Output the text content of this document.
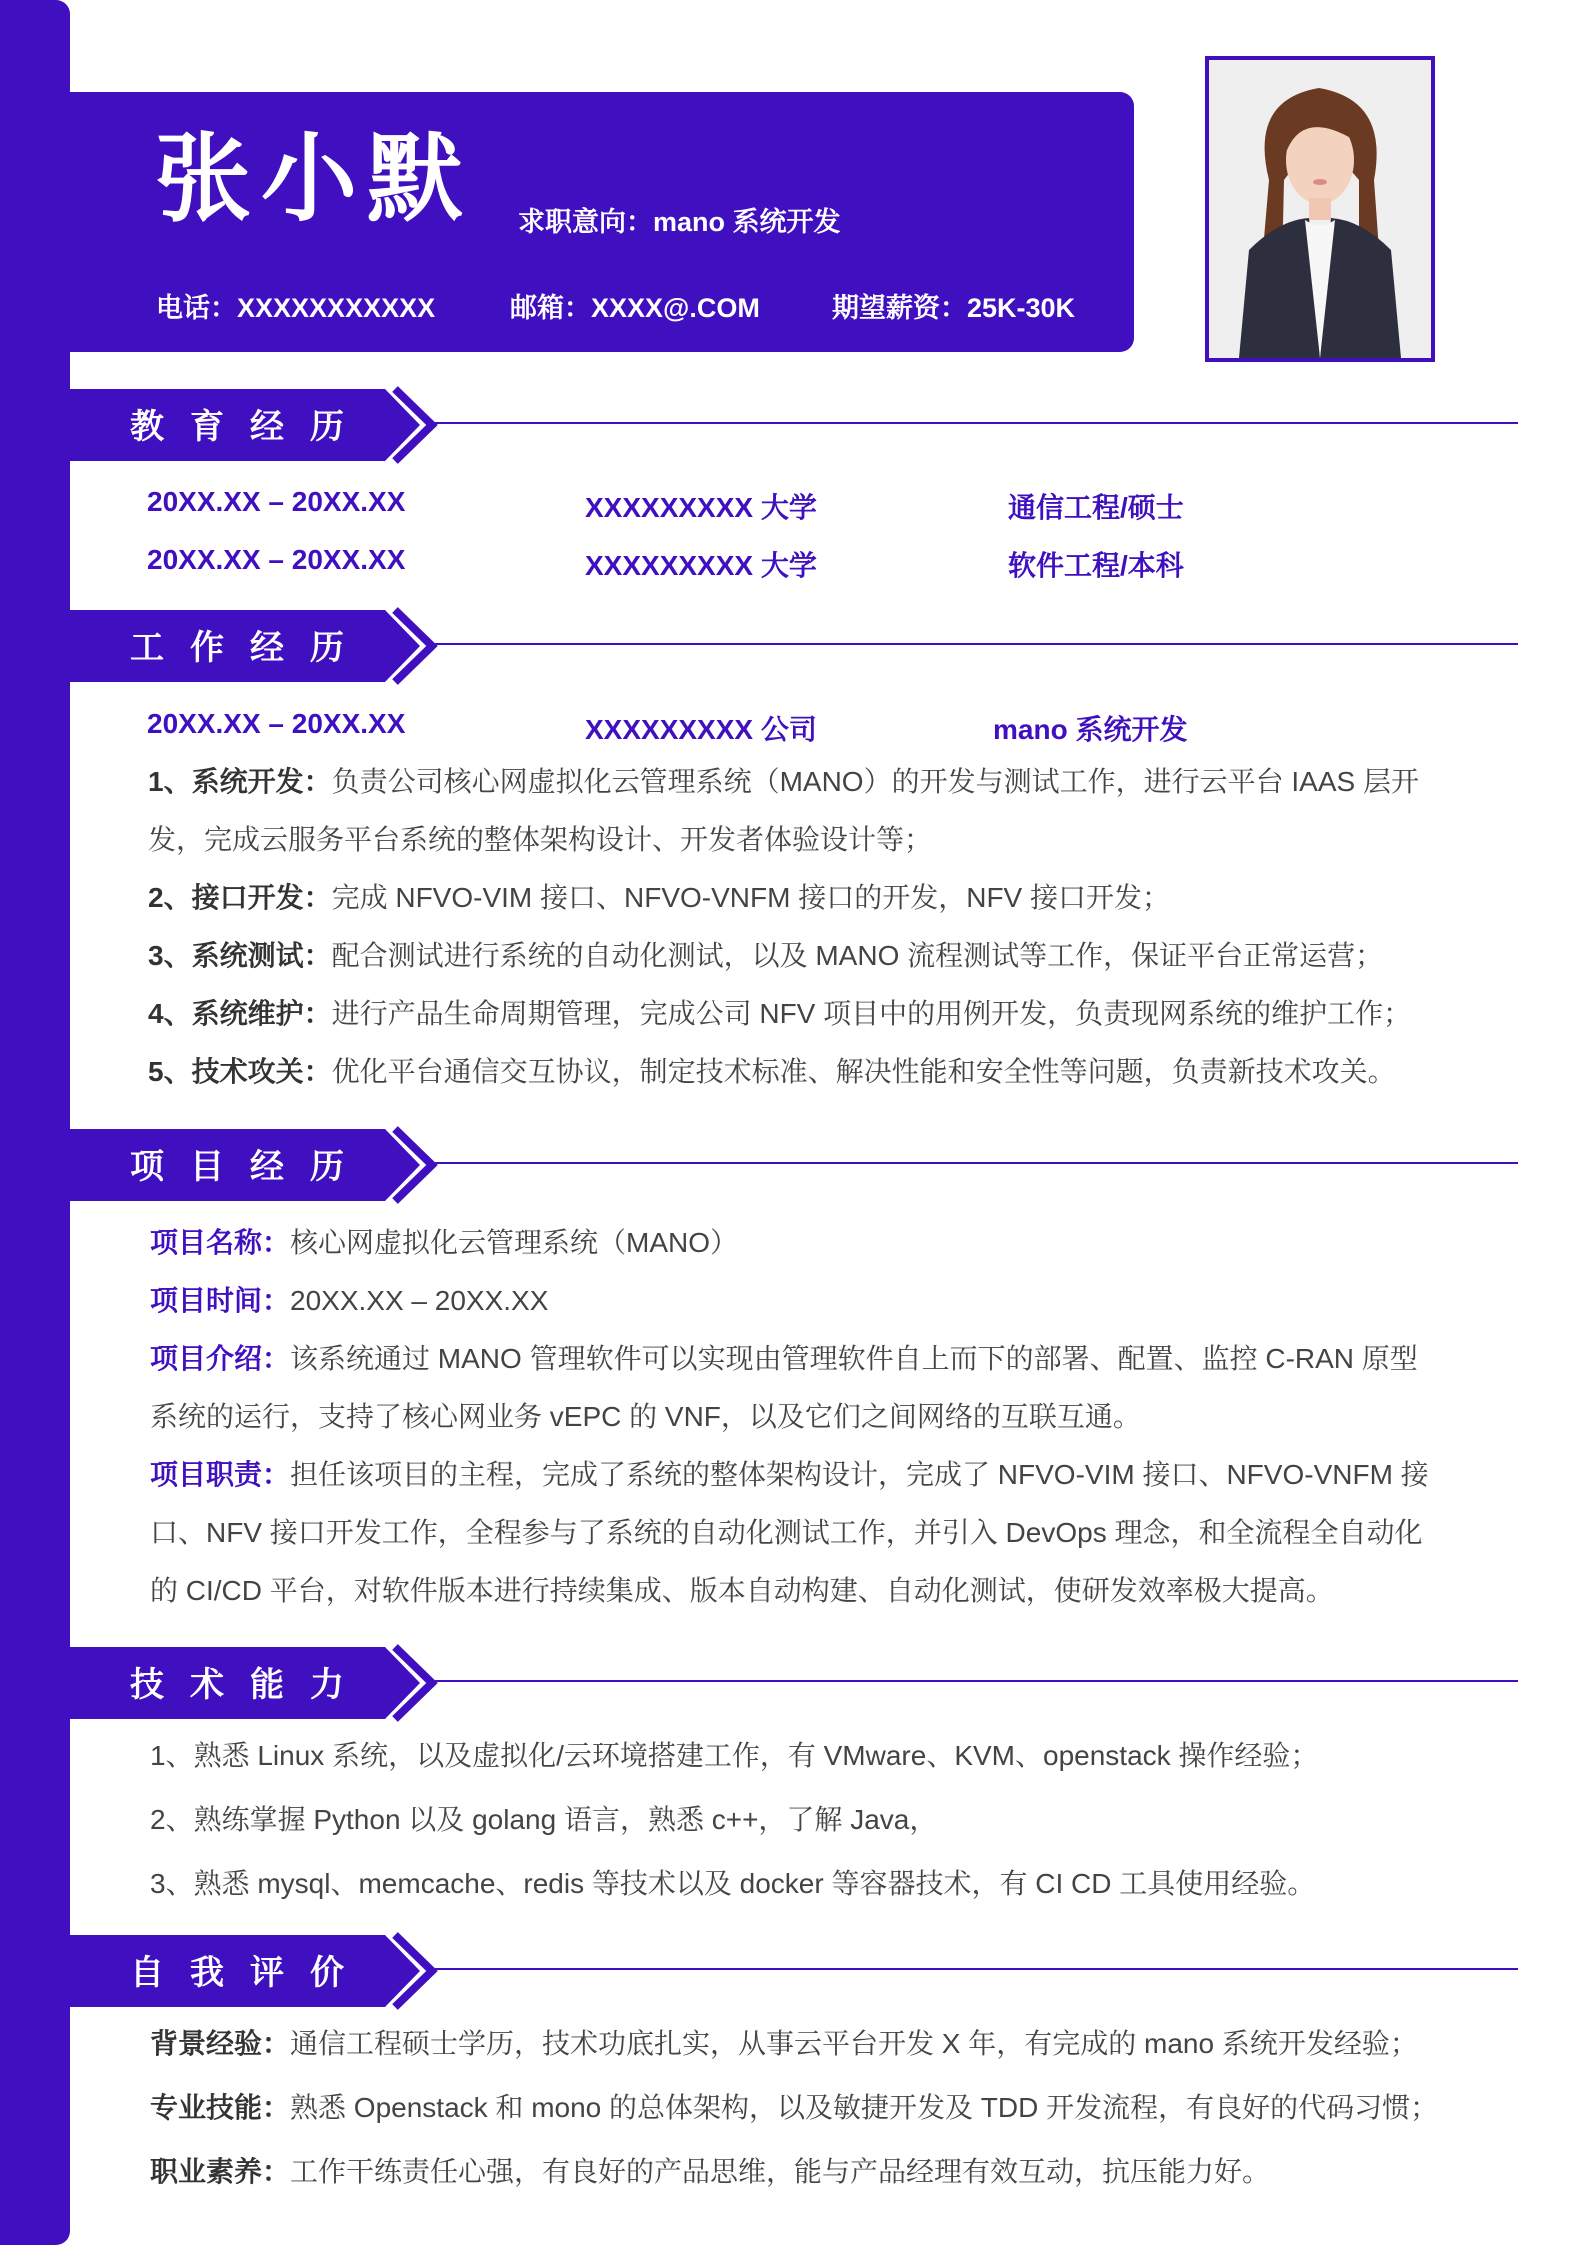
张小默 求职意向：mano 系统开发
电话：XXXXXXXXXXX	邮箱：XXXX@.COM	期望薪资：25K-30K
教育经历
20XX.XX – 20XX.XX	XXXXXXXXX 大学	通信工程/硕士
20XX.XX – 20XX.XX	XXXXXXXXX 大学	软件工程/本科
工作经历
20XX.XX – 20XX.XX	XXXXXXXXX 公司	mano 系统开发
1、系统开发：负责公司核心网虚拟化云管理系统（MANO）的开发与测试工作，进行云平台 IAAS 层开
发，完成云服务平台系统的整体架构设计、开发者体验设计等；
2、接口开发：完成 NFVO-VIM 接口、NFVO-VNFM 接口的开发，NFV 接口开发；
3、系统测试：配合测试进行系统的自动化测试，以及 MANO 流程测试等工作，保证平台正常运营；
4、系统维护：进行产品生命周期管理，完成公司 NFV 项目中的用例开发，负责现网系统的维护工作；
5、技术攻关：优化平台通信交互协议，制定技术标准、解决性能和安全性等问题，负责新技术攻关。
项目经历
项目名称：核心网虚拟化云管理系统（MANO）
项目时间：20XX.XX – 20XX.XX
项目介绍：该系统通过 MANO 管理软件可以实现由管理软件自上而下的部署、配置、监控 C-RAN 原型
系统的运行，支持了核心网业务 vEPC 的 VNF，以及它们之间网络的互联互通。
项目职责：担任该项目的主程，完成了系统的整体架构设计，完成了 NFVO-VIM 接口、NFVO-VNFM 接
口、NFV 接口开发工作，全程参与了系统的自动化测试工作，并引入 DevOps 理念，和全流程全自动化
的 CI/CD 平台，对软件版本进行持续集成、版本自动构建、自动化测试，使研发效率极大提高。
技术能力
1、熟悉 Linux 系统，以及虚拟化/云环境搭建工作，有 VMware、KVM、openstack 操作经验；
2、熟练掌握 Python 以及 golang 语言，熟悉 c++，了解 Java，
3、熟悉 mysql、memcache、redis 等技术以及 docker 等容器技术，有 CI CD 工具使用经验。
自我评价
背景经验：通信工程硕士学历，技术功底扎实，从事云平台开发 X 年，有完成的 mano 系统开发经验；
专业技能：熟悉 Openstack 和 mono 的总体架构，以及敏捷开发及 TDD 开发流程，有良好的代码习惯；
职业素养：工作干练责任心强，有良好的产品思维，能与产品经理有效互动，抗压能力好。
